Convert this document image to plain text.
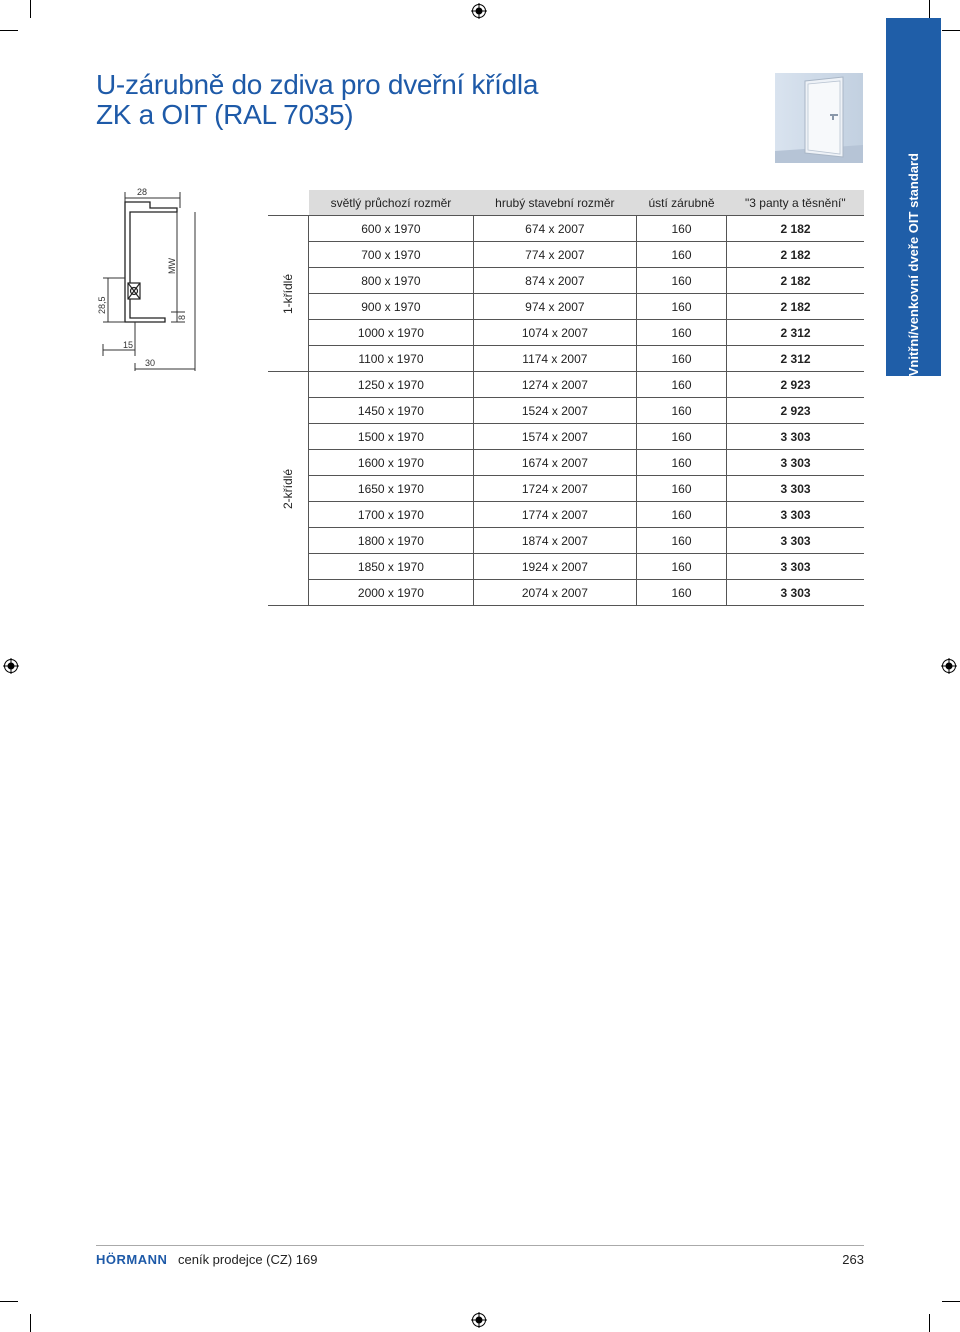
U-zárubně do zdiva pro dveřní křídla
ZK a OIT (RAL 7035)
28
MW
28,5
8
15
30	Vnitřní/venkovní dveře OIT standard
	světlý průchozí rozměr	hrubý stavební rozměr	ústí zárubně	"3 panty a těsnění"

1-křídlé	600 x 1970	674 x 2007	160	2 182
	700 x 1970	774 x 2007	160	2 182
	800 x 1970	874 x 2007	160	2 182
	900 x 1970	974 x 2007	160	2 182
	1000 x 1970	1074 x 2007	160	2 312
	1100 x 1970	1174 x 2007	160	2 312

2-křídlé	1250 x 1970	1274 x 2007	160	2 923
	1450 x 1970	1524 x 2007	160	2 923
	1500 x 1970	1574 x 2007	160	3 303
	1600 x 1970	1674 x 2007	160	3 303
	1650 x 1970	1724 x 2007	160	3 303
	1700 x 1970	1774 x 2007	160	3 303
	1800 x 1970	1874 x 2007	160	3 303
	1850 x 1970	1924 x 2007	160	3 303
	2000 x 1970	2074 x 2007	160	3 303
HÖRMANN ceník prodejce (CZ) 169	263
